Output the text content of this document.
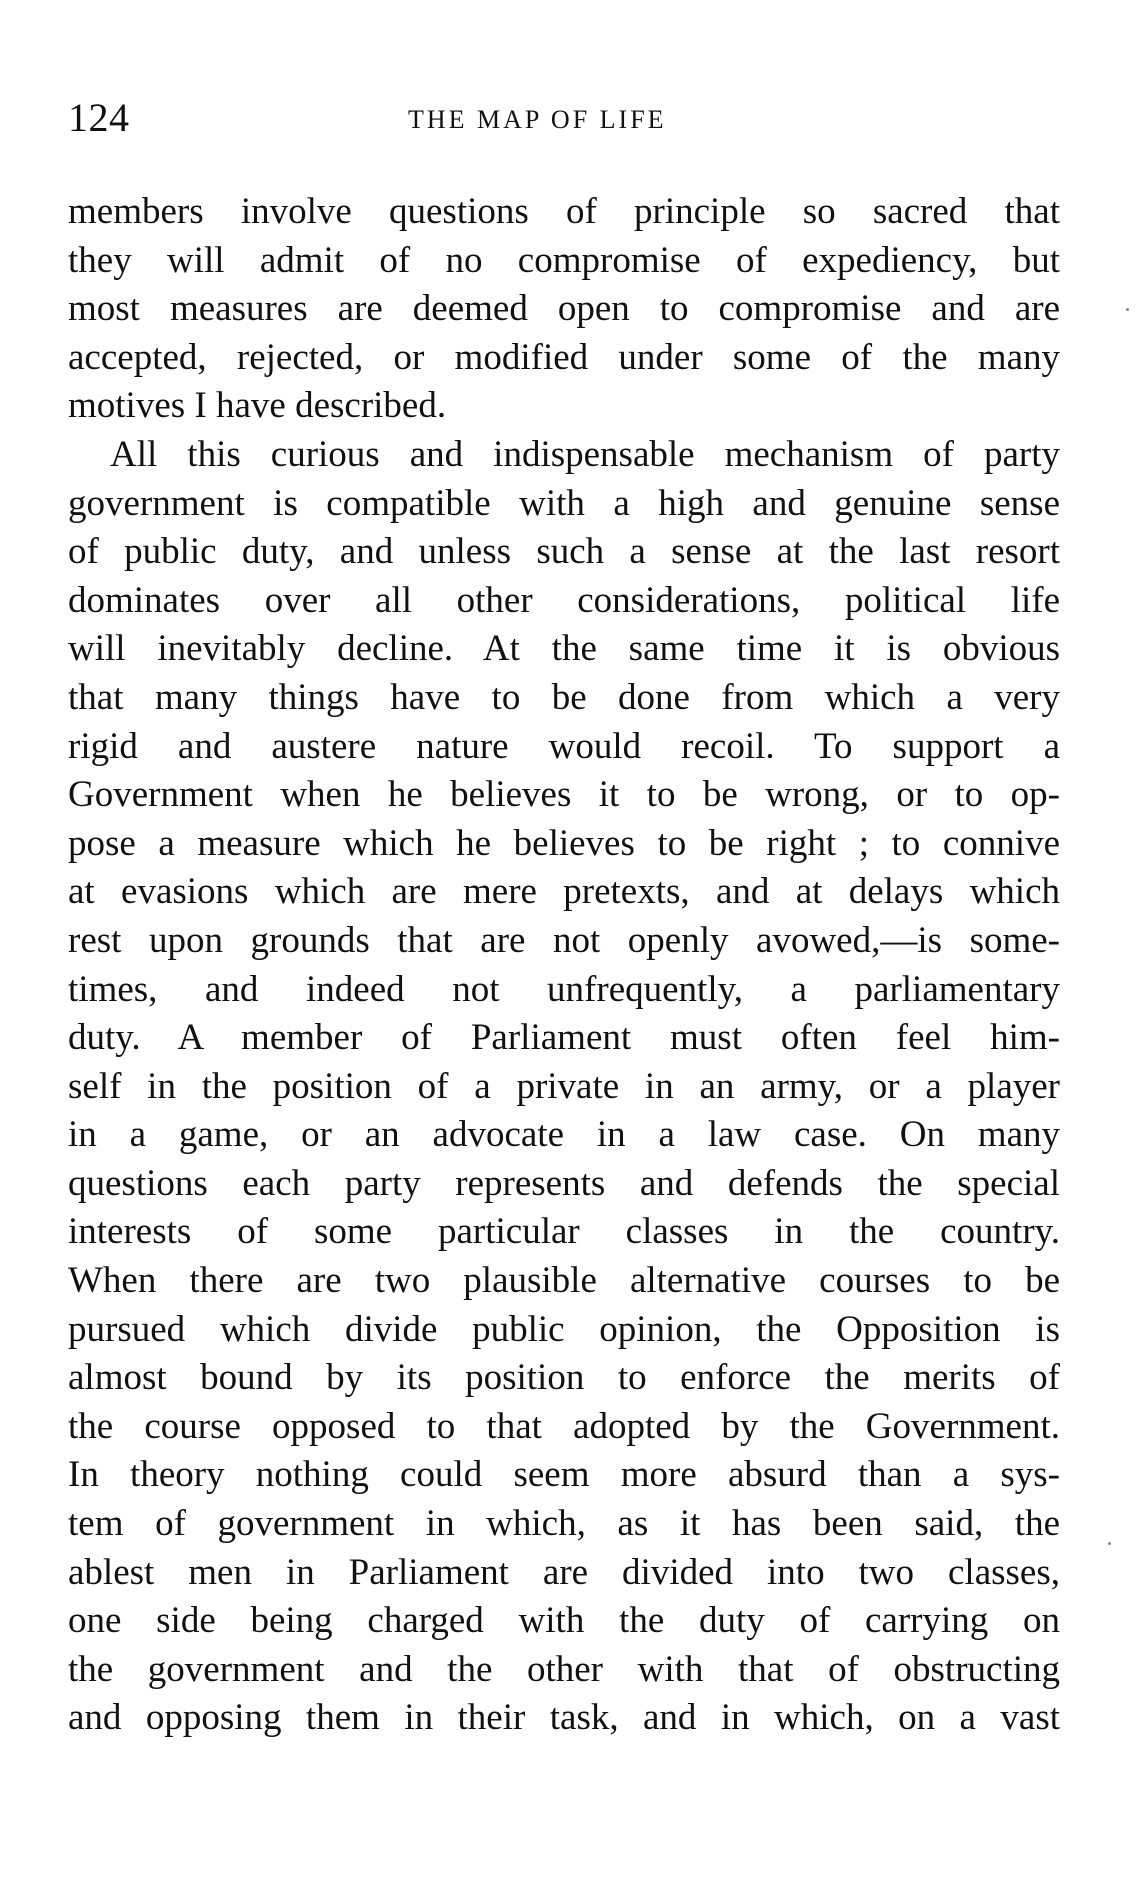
124	THE MAP OF LIFE
members involve questions of principle so sacred that
they will admit of no compromise of expediency, but
most measures are deemed open to compromise and are
accepted, rejected, or modified under some of the many
motives I have described.
All this curious and indispensable mechanism of party
government is compatible with a high and genuine sense
of public duty, and unless such a sense at the last resort
dominates over all other considerations, political life
will inevitably decline. At the same time it is obvious
that many things have to be done from which a very
rigid and austere nature would recoil. To support a
Government when he believes it to be wrong, or to op-
pose a measure which he believes to be right ; to connive
at evasions which are mere pretexts, and at delays which
rest upon grounds that are not openly avowed,—is some-
times, and indeed not unfrequently, a parliamentary
duty. A member of Parliament must often feel him-
self in the position of a private in an army, or a player
in a game, or an advocate in a law case. On many
questions each party represents and defends the special
interests of some particular classes in the country.
When there are two plausible alternative courses to be
pursued which divide public opinion, the Opposition is
almost bound by its position to enforce the merits of
the course opposed to that adopted by the Government.
In theory nothing could seem more absurd than a sys-
tem of government in which, as it has been said, the
ablest men in Parliament are divided into two classes,
one side being charged with the duty of carrying on
the government and the other with that of obstructing
and opposing them in their task, and in which, on a vast
